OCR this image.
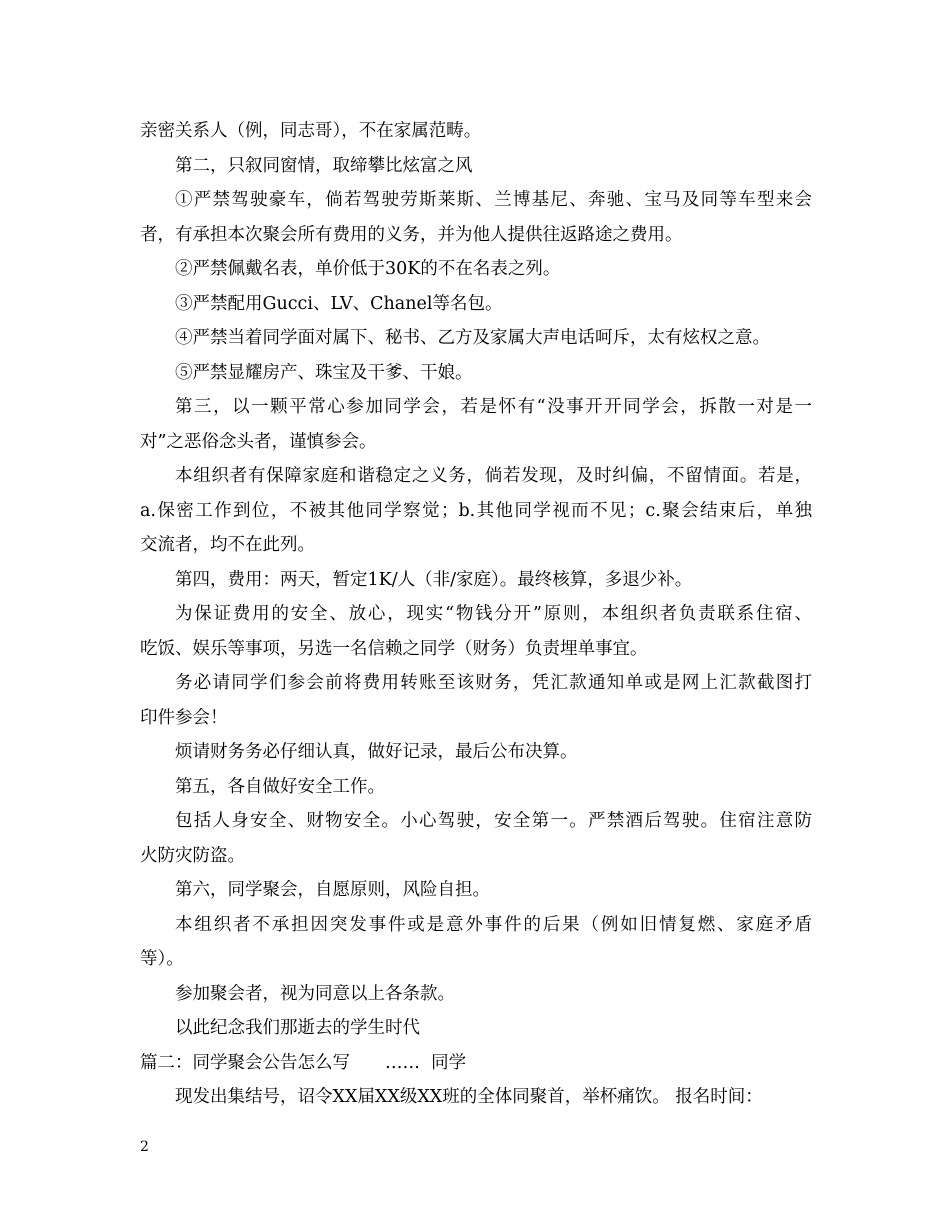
亲密关系人（例，同志哥），不在家属范畴。
第二，只叙同窗情，取缔攀比炫富之风
①严禁驾驶豪车，倘若驾驶劳斯莱斯、兰博基尼、奔驰、宝马及同等车型来会
者，有承担本次聚会所有费用的义务，并为他人提供往返路途之费用。
②严禁佩戴名表，单价低于30K的不在名表之列。
③严禁配用Gucci、LV、Chanel等名包。
④严禁当着同学面对属下、秘书、乙方及家属大声电话呵斥，太有炫权之意。
⑤严禁显耀房产、珠宝及干爹、干娘。
第三，以一颗平常心参加同学会，若是怀有“没事开开同学会，拆散一对是一
对”之恶俗念头者，谨慎参会。
本组织者有保障家庭和谐稳定之义务，倘若发现，及时纠偏，不留情面。若是，
a.保密工作到位，不被其他同学察觉；b.其他同学视而不见；c.聚会结束后，单独
交流者，均不在此列。
第四，费用：两天，暂定1K/人（非/家庭）。最终核算，多退少补。
为保证费用的安全、放心，现实“物钱分开”原则，本组织者负责联系住宿、
吃饭、娱乐等事项，另选一名信赖之同学（财务）负责埋单事宜。
务必请同学们参会前将费用转账至该财务，凭汇款通知单或是网上汇款截图打
印件参会！
烦请财务务必仔细认真，做好记录，最后公布决算。
第五，各自做好安全工作。
包括人身安全、财物安全。小心驾驶，安全第一。严禁酒后驾驶。住宿注意防
火防灾防盗。
第六，同学聚会，自愿原则，风险自担。
本组织者不承担因突发事件或是意外事件的后果（例如旧情复燃、家庭矛盾
等）。
参加聚会者，视为同意以上各条款。
以此纪念我们那逝去的学生时代
篇二：同学聚会公告怎么写　　……  同学
现发出集结号，诏令XX届XX级XX班的全体同聚首，举杯痛饮。 报名时间：
2
